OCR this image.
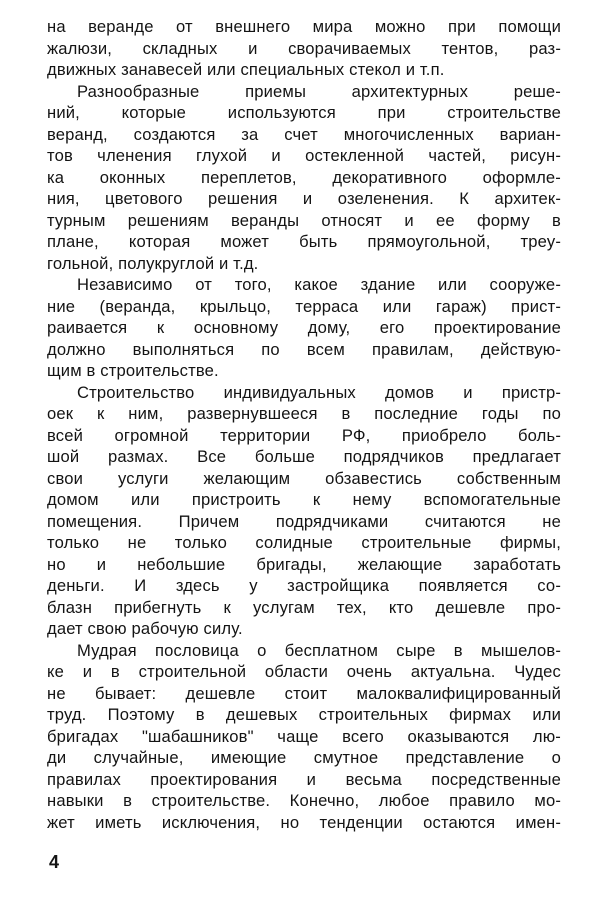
на веранде от внешнего мира можно при помощи
жалюзи, складных и сворачиваемых тентов, раз-
движных занавесей или специальных стекол и т.п.
Разнообразные приемы архитектурных реше-
ний, которые используются при строительстве
веранд, создаются за счет многочисленных вариан-
тов членения глухой и остекленной частей, рисун-
ка оконных переплетов, декоративного оформле-
ния, цветового решения и озеленения. К архитек-
турным решениям веранды относят и ее форму в
плане, которая может быть прямоугольной, треу-
гольной, полукруглой и т.д.
Независимо от того, какое здание или сооруже-
ние (веранда, крыльцо, терраса или гараж) прист-
раивается к основному дому, его проектирование
должно выполняться по всем правилам, действую-
щим в строительстве.
Строительство индивидуальных домов и пристр-
оек к ним, развернувшееся в последние годы по
всей огромной территории РФ, приобрело боль-
шой размах. Все больше подрядчиков предлагает
свои услуги желающим обзавестись собственным
домом или пристроить к нему вспомогательные
помещения. Причем подрядчиками считаются не
только не только солидные строительные фирмы,
но и небольшие бригады, желающие заработать
деньги. И здесь у застройщика появляется со-
блазн прибегнуть к услугам тех, кто дешевле про-
дает свою рабочую силу.
Мудрая пословица о бесплатном сыре в мышелов-
ке и в строительной области очень актуальна. Чудес
не бывает: дешевле стоит малоквалифицированный
труд. Поэтому в дешевых строительных фирмах или
бригадах "шабашников" чаще всего оказываются лю-
ди случайные, имеющие смутное представление о
правилах проектирования и весьма посредственные
навыки в строительстве. Конечно, любое правило мо-
жет иметь исключения, но тенденции остаются имен-
4
